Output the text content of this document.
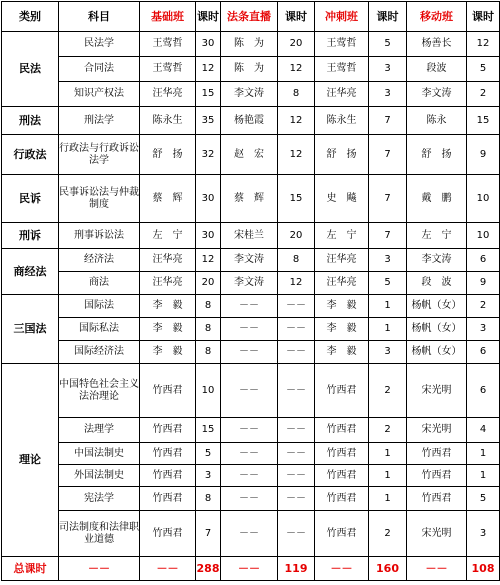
类别	科目	基础班	课时	法条直播	课时	冲刺班	课时	移动班	课时
民法	民法学	王莺哲	30	陈　为	20	王莺哲	5	杨善长	12
	合同法	王莺哲	12	陈　为	12	王莺哲	3	段波	5
	知识产权法	汪华亮	15	李文涛	8	汪华亮	3	李文涛	2
刑法	刑法学	陈永生	35	杨艳霞	12	陈永生	7	陈永	15
行政法	行政法与行政诉讼法学	舒　扬	32	赵　宏	12	舒　扬	7	舒　扬	9
民诉	民事诉讼法与仲裁制度	蔡　辉	30	蔡　辉	15	史　飚	7	戴　鹏	10
刑诉	刑事诉讼法	左　宁	30	宋桂兰	20	左　宁	7	左　宁	10
商经法	经济法	汪华亮	12	李文涛	8	汪华亮	3	李文涛	6
	商法	汪华亮	20	李文涛	12	汪华亮	5	段　波	9
三国法	国际法	李　毅	8	－－	－－	李　毅	1	杨帆（女）	2
	国际私法	李　毅	8	－－	－－	李　毅	1	杨帆（女）	3
	国际经济法	李　毅	8	－－	－－	李　毅	3	杨帆（女）	6
理论	中国特色社会主义法治理论	竹西君	10	－－	－－	竹西君	2	宋光明	6
	法理学	竹西君	15	－－	－－	竹西君	2	宋光明	4
	中国法制史	竹西君	5	－－	－－	竹西君	1	竹西君	1
	外国法制史	竹西君	3	－－	－－	竹西君	1	竹西君	1
	宪法学	竹西君	8	－－	－－	竹西君	1	竹西君	5
	司法制度和法律职业道德	竹西君	7	－－	－－	竹西君	2	宋光明	3
总课时	－－	－－	288	－－	119	－－	160	－－	108
